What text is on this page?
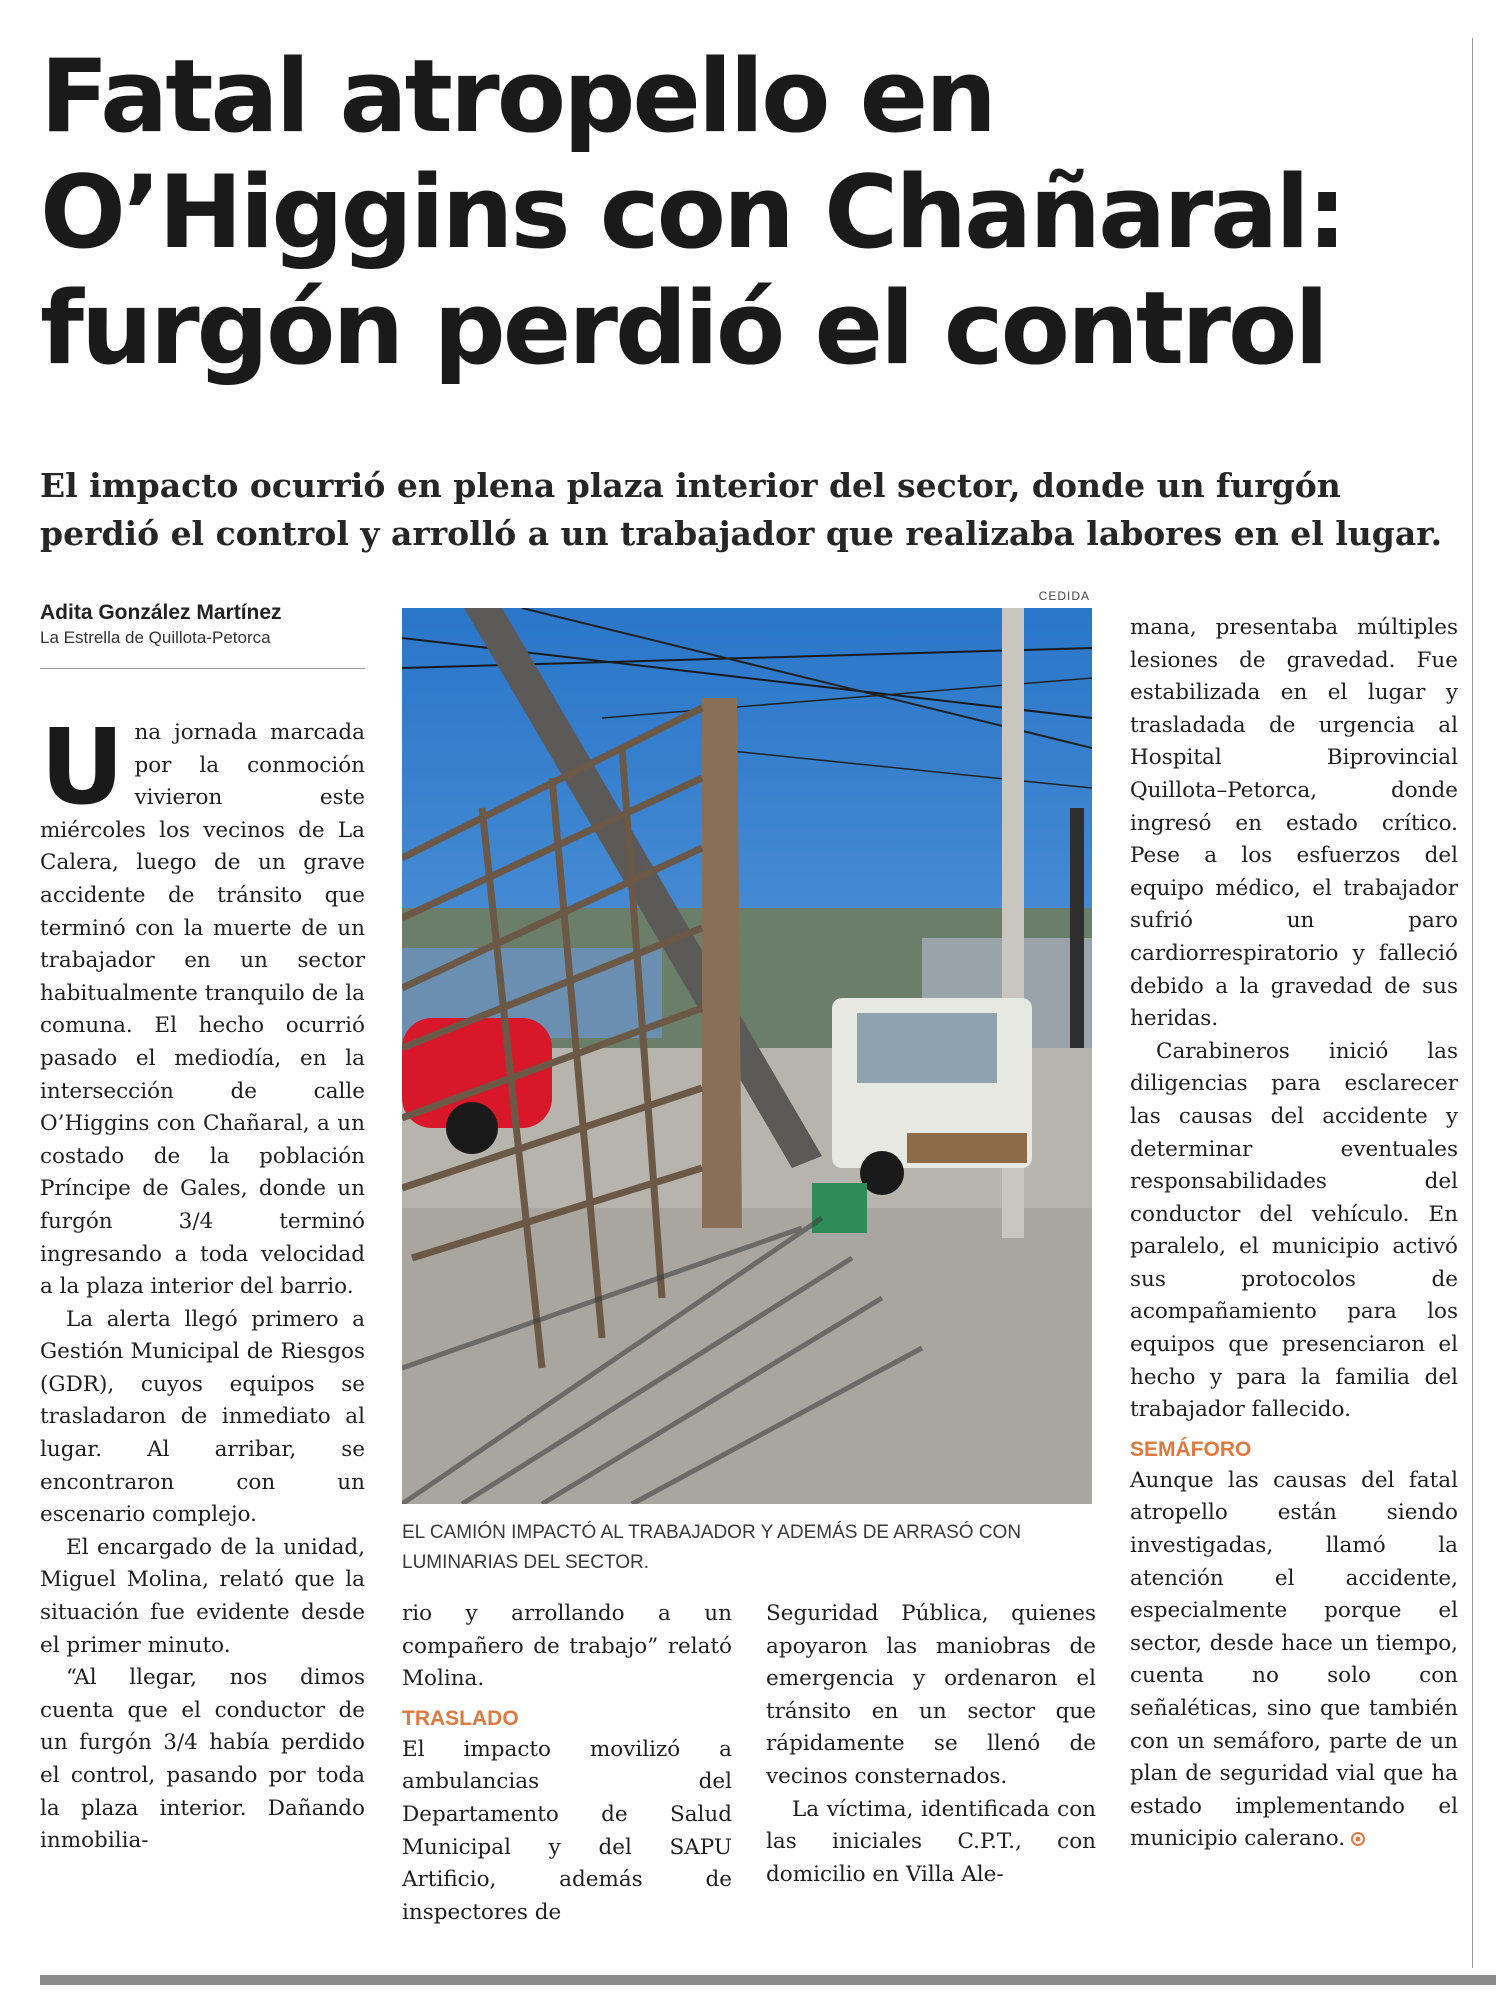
Fatal atropello en
O’Higgins con Chañaral:
furgón perdió el control
El impacto ocurrió en plena plaza interior del sector, donde un furgón
perdió el control y arrolló a un trabajador que realizaba labores en el lugar.
Adita González Martínez
La Estrella de Quillota-Petorca

Una jornada marcada por la conmoción vivieron este miércoles los vecinos de La Calera, luego de un grave accidente de tránsito que terminó con la muerte de un trabajador en un sector habitualmente tranquilo de la comuna. El hecho ocurrió pasado el mediodía, en la intersección de calle O’Higgins con Chañaral, a un costado de la población Príncipe de Gales, donde un furgón 3/4 terminó ingresando a toda velocidad a la plaza interior del barrio.

La alerta llegó primero a Gestión Municipal de Riesgos (GDR), cuyos equipos se trasladaron de inmediato al lugar. Al arribar, se encontraron con un escenario complejo.

El encargado de la unidad, Miguel Molina, relató que la situación fue evidente desde el primer minuto.

“Al llegar, nos dimos cuenta que el conductor de un furgón 3/4 había perdido el control, pasando por toda la plaza interior. Dañando inmobilia-

CEDIDA
EL CAMIÓN IMPACTÓ AL TRABAJADOR Y ADEMÁS DE ARRASÓ CON LUMINARIAS DEL SECTOR.

rio y arrollando a un compañero de trabajo” relató Molina.

TRASLADO

El impacto movilizó a ambulancias del Departamento de Salud Municipal y del SAPU Artificio, además de inspectores de

Seguridad Pública, quienes apoyaron las maniobras de emergencia y ordenaron el tránsito en un sector que rápidamente se llenó de vecinos consternados.

La víctima, identificada con las iniciales C.P.T., con domicilio en Villa Ale-

mana, presentaba múltiples lesiones de gravedad. Fue estabilizada en el lugar y trasladada de urgencia al Hospital Biprovincial Quillota–Petorca, donde ingresó en estado crítico. Pese a los esfuerzos del equipo médico, el trabajador sufrió un paro cardiorrespiratorio y falleció debido a la gravedad de sus heridas.

Carabineros inició las diligencias para esclarecer las causas del accidente y determinar eventuales responsabilidades del conductor del vehículo. En paralelo, el municipio activó sus protocolos de acompañamiento para los equipos que presenciaron el hecho y para la familia del trabajador fallecido.

SEMÁFORO

Aunque las causas del fatal atropello están siendo investigadas, llamó la atención el accidente, especialmente porque el sector, desde hace un tiempo, cuenta no solo con señaléticas, sino que también con un semáforo, parte de un plan de seguridad vial que ha estado implementando el municipio calerano.
